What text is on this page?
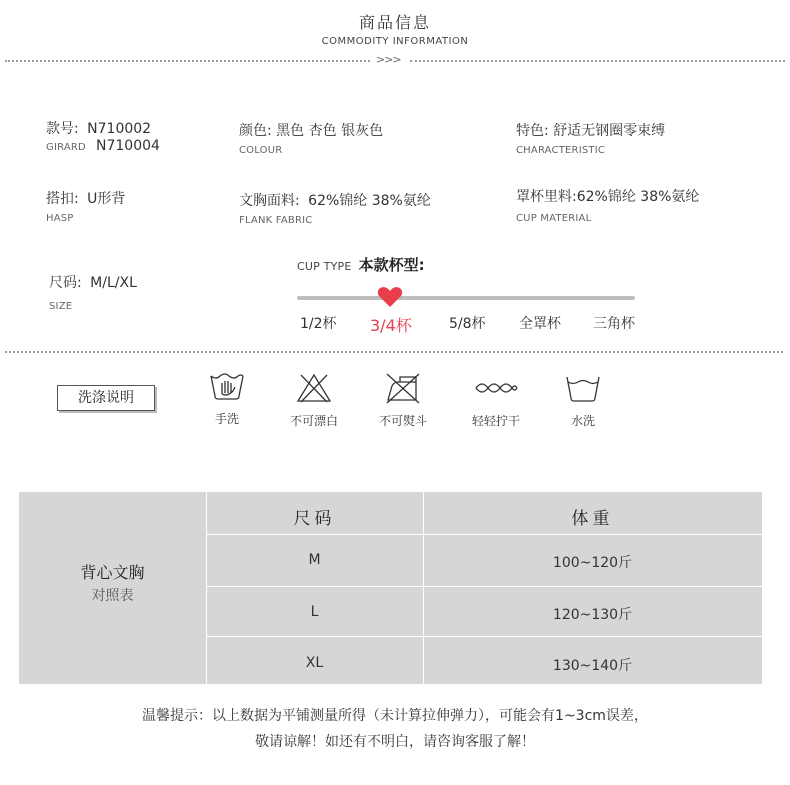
商品信息
COMMODITY INFORMATION
>>>
款号: N710002
GIRARD N710004
颜色: 黑色 杏色 银灰色
COLOUR
特色: 舒适无钢圈零束缚
CHARACTERISTIC
搭扣: U形背
HASP
文胸面料: 62%锦纶 38%氨纶
FLANK FABRIC
罩杯里料:62%锦纶 38%氨纶
CUP MATERIAL
尺码: M/L/XL
SIZE
CUP TYPE 本款杯型:
1/2杯 3/4杯	5/8杯 全罩杯 三角杯
洗涤说明
手洗	不可漂白	不可熨斗	轻轻拧干	水洗
背心文胸
对照表
尺码	体重
M	100~120斤
L	120~130斤
XL	130~140斤
温馨提示：以上数据为平铺测量所得（未计算拉伸弹力），可能会有1~3cm误差，
敬请谅解！如还有不明白，请咨询客服了解！
